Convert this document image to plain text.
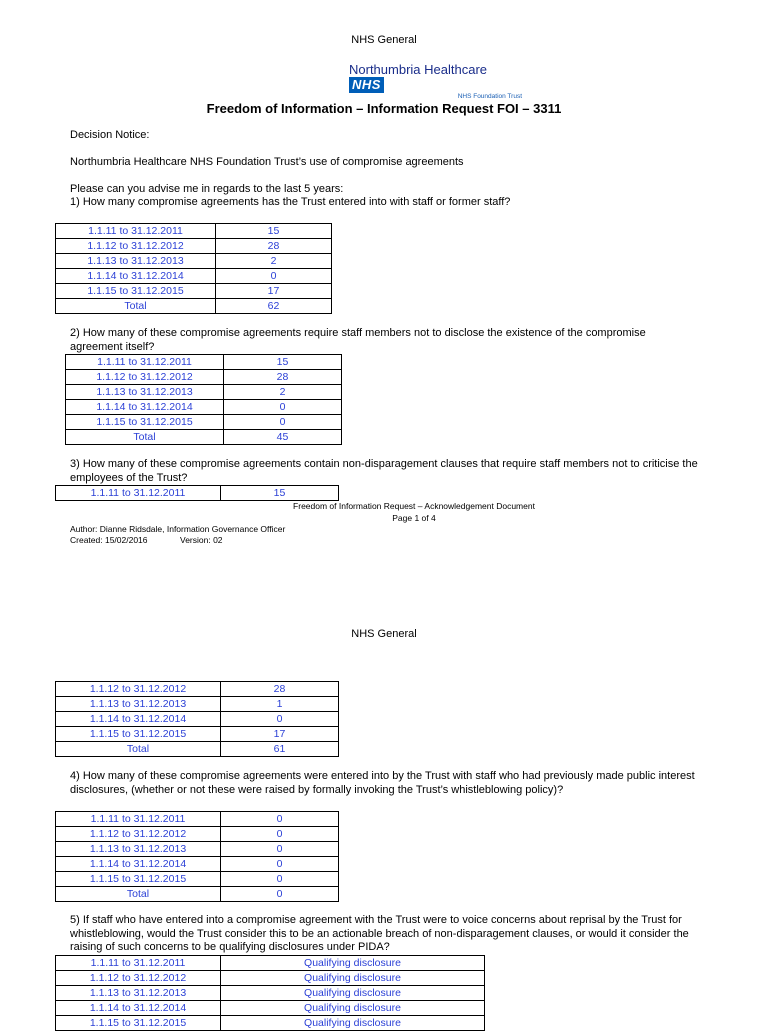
NHS General
Northumbria Healthcare NHS
NHS Foundation Trust
Freedom of Information – Information Request FOI – 3311
Decision Notice:
Northumbria Healthcare NHS Foundation Trust’s use of compromise agreements
Please can you advise me in regards to the last 5 years:
1) How many compromise agreements has the Trust entered into with staff or former staff?
1.1.11 to 31.12.2011	15
1.1.12 to 31.12.2012	28
1.1.13 to 31.12.2013	2
1.1.14 to 31.12.2014	0
1.1.15 to 31.12.2015	17
Total	62
2) How many of these compromise agreements require staff members not to disclose the existence of the compromise agreement itself?
1.1.11 to 31.12.2011	15
1.1.12 to 31.12.2012	28
1.1.13 to 31.12.2013	2
1.1.14 to 31.12.2014	0
1.1.15 to 31.12.2015	0
Total	45
3) How many of these compromise agreements contain non-disparagement clauses that require staff members not to criticise the employees of the Trust?
1.1.11 to 31.12.2011	15
Freedom of Information Request – Acknowledgement Document
Page 1 of 4
Author: Dianne Ridsdale, Information Governance Officer
Created: 15/02/2016	Version: 02
NHS General
1.1.12 to 31.12.2012	28
1.1.13 to 31.12.2013	1
1.1.14 to 31.12.2014	0
1.1.15 to 31.12.2015	17
Total	61
4) How many of these compromise agreements were entered into by the Trust with staff who had previously made public interest disclosures, (whether or not these were raised by formally invoking the Trust’s whistleblowing policy)?
1.1.11 to 31.12.2011	0
1.1.12 to 31.12.2012	0
1.1.13 to 31.12.2013	0
1.1.14 to 31.12.2014	0
1.1.15 to 31.12.2015	0
Total	0
5) If staff who have entered into a compromise agreement with the Trust were to voice concerns about reprisal by the Trust for whistleblowing, would the Trust consider this to be an actionable breach of non-disparagement clauses, or would it consider the raising of such concerns to be qualifying disclosures under PIDA?
1.1.11 to 31.12.2011	Qualifying disclosure
1.1.12 to 31.12.2012	Qualifying disclosure
1.1.13 to 31.12.2013	Qualifying disclosure
1.1.14 to 31.12.2014	Qualifying disclosure
1.1.15 to 31.12.2015	Qualifying disclosure
